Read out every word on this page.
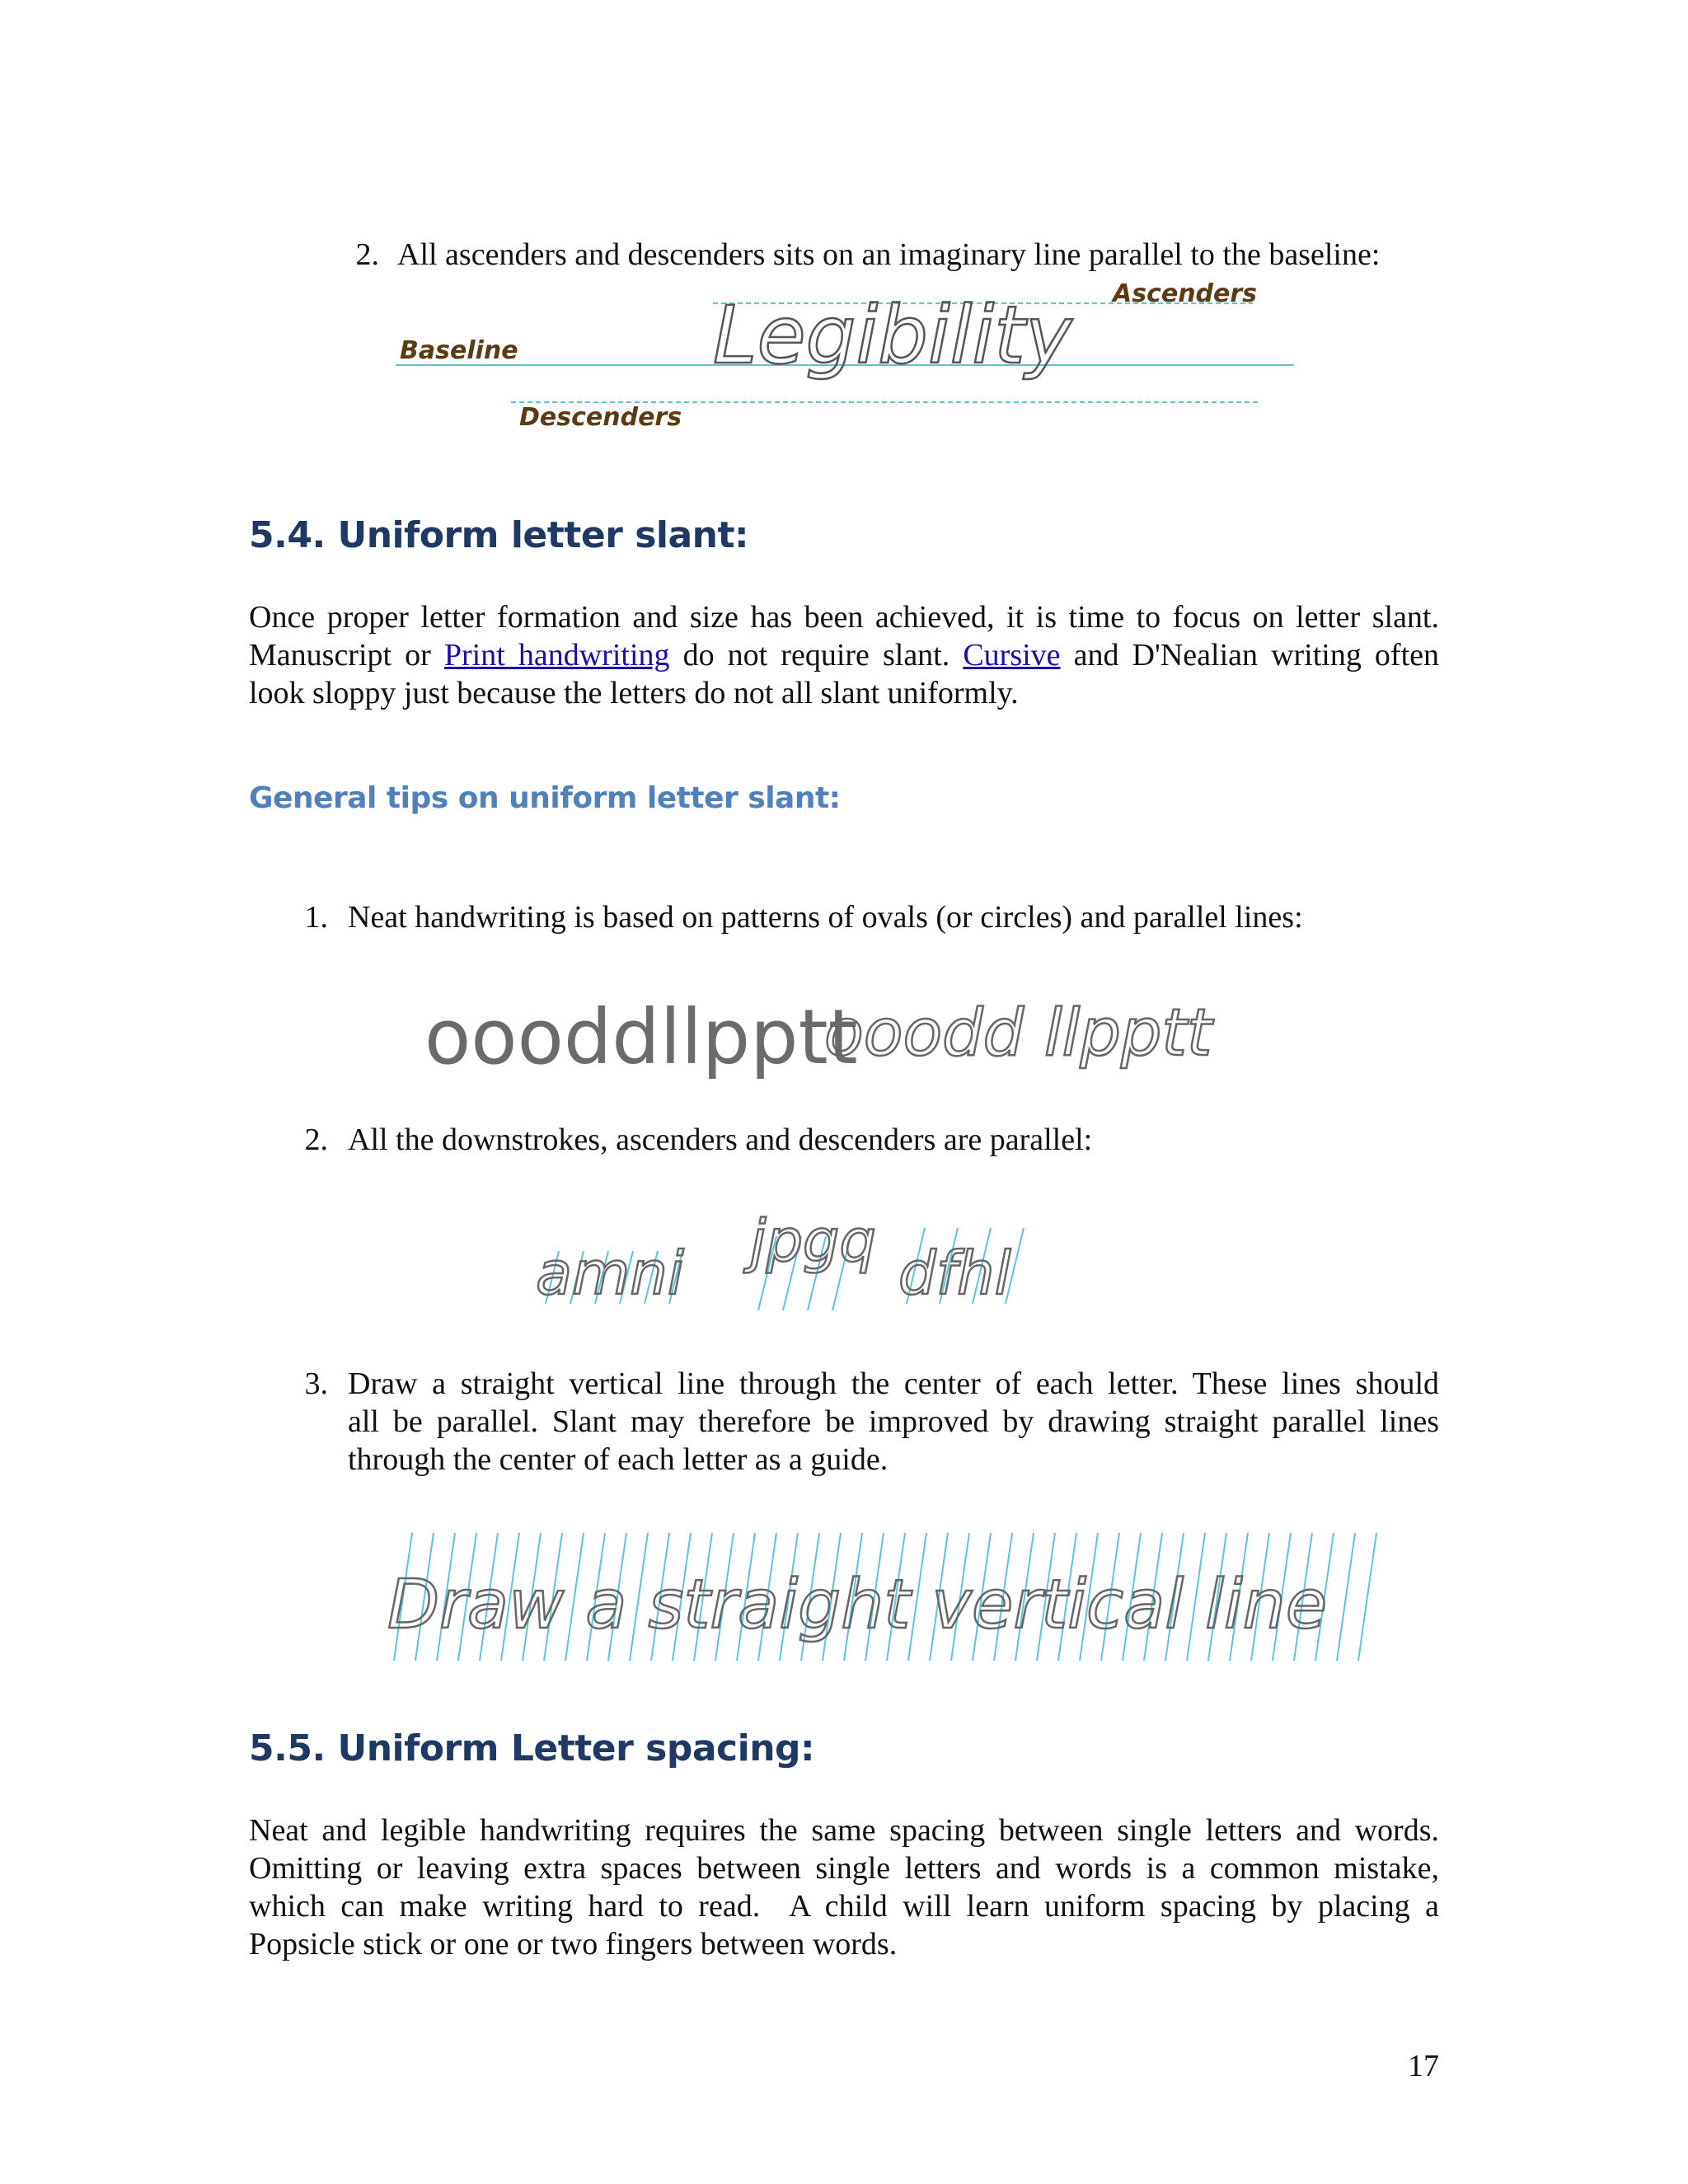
2. All ascenders and descenders sits on an imaginary line parallel to the baseline:
Legibility Ascenders
Baseline
Descenders
5.4. Uniform letter slant:
Once proper letter formation and size has been achieved, it is time to focus on letter slant.
Manuscript or Print handwriting do not require slant. Cursive and D'Nealian writing often
look sloppy just because the letters do not all slant uniformly.
General tips on uniform letter slant:
1. Neat handwriting is based on patterns of ovals (or circles) and parallel lines:
oooddllpptt
ooodd llpptt
2. All the downstrokes, ascenders and descenders are parallel:
amni jpgq dfhl
3. Draw a straight vertical line through the center of each letter. These lines should
all be parallel. Slant may therefore be improved by drawing straight parallel lines
through the center of each letter as a guide.
Draw a straight vertical line
5.5. Uniform Letter spacing:
Neat and legible handwriting requires the same spacing between single letters and words.
Omitting or leaving extra spaces between single letters and words is a common mistake,
which can make writing hard to read.  A child will learn uniform spacing by placing a
Popsicle stick or one or two fingers between words.
17
